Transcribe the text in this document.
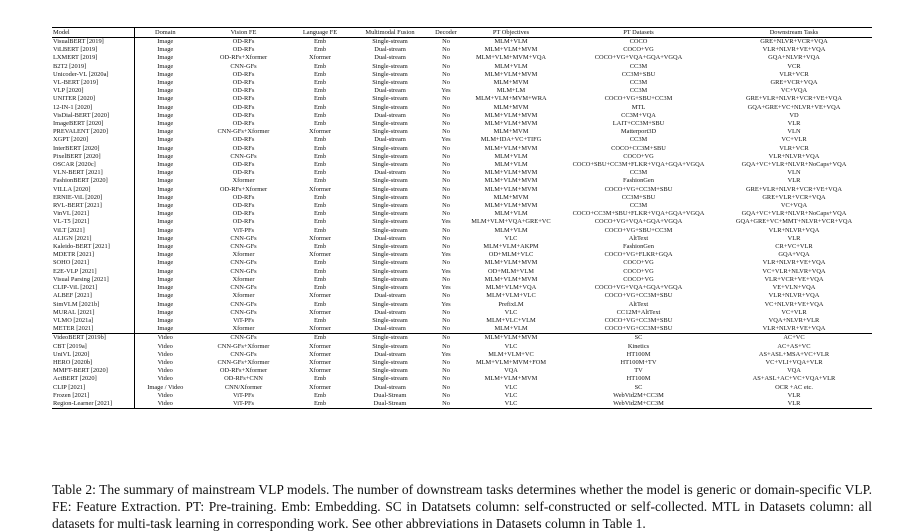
Model	Domain	Vision FE	Language FE	Multimodal Fusion	Decoder	PT Objectives	PT Datasets	Downstream Tasks
VisualBERT [2019]	Image	OD-RFs	Emb	Single-stream	No	MLM+VLM	COCO	GRE+NLVR+VCR+VQA
ViLBERT [2019]	Image	OD-RFs	Emb	Dual-stream	No	MLM+VLM+MVM	COCO+VG	VLR+NLVR+VE+VQA
LXMERT [2019]	Image	OD-RFs+Xformer	Xformer	Dual-stream	No	MLM+VLM+MVM+VQA	COCO+VG+VQA+GQA+VGQA	GQA+NLVR+VQA
B2T2 [2019]	Image	CNN-GFs	Emb	Single-stream	No	MLM+VLM	CC3M	VCR
Unicoder-VL [2020a]	Image	OD-RFs	Emb	Single-stream	No	MLM+VLM+MVM	CC3M+SBU	VLR+VCR
VL-BERT [2019]	Image	OD-RFs	Emb	Single-stream	No	MLM+MVM	CC3M	GRE+VCR+VQA
VLP [2020]	Image	OD-RFs	Emb	Dual-stream	Yes	MLM+LM	CC3M	VC+VQA
UNITER [2020]	Image	OD-RFs	Emb	Single-stream	No	MLM+VLM+MVM+WRA	COCO+VG+SBU+CC3M	GRE+VLR+NLVR+VCR+VE+VQA
12-IN-1 [2020]	Image	OD-RFs	Emb	Single-stream	No	MLM+MVM	MTL	GQA+GRE+VC+NLVR+VE+VQA
VisDial-BERT [2020]	Image	OD-RFs	Emb	Dual-stream	No	MLM+VLM+MVM	CC3M+VQA	VD
ImageBERT [2020]	Image	OD-RFs	Emb	Single-stream	No	MLM+VLM+MVM	LAIT+CC3M+SBU	VLR
PREVALENT [2020]	Image	CNN-GFs+Xformer	Xformer	Single-stream	No	MLM+MVM	Matterport3D	VLN
XGPT [2020]	Image	OD-RFs	Emb	Dual-stream	Yes	MLM+IDA+VC+TIFG	CC3M	VC+VLR
InterBERT [2020]	Image	OD-RFs	Emb	Single-stream	No	MLM+VLM+MVM	COCO+CC3M+SBU	VLR+VCR
PixelBERT [2020]	Image	CNN-GFs	Emb	Single-stream	No	MLM+VLM	COCO+VG	VLR+NLVR+VQA
OSCAR [2020c]	Image	OD-RFs	Emb	Single-stream	No	MLM+VLM	COCO+SBU+CC3M+FLKR+VQA+GQA+VGQA	GQA+VC+VLR+NLVR+NoCaps+VQA
VLN-BERT [2021]	Image	OD-RFs	Emb	Dual-stream	No	MLM+VLM+MVM	CC3M	VLN
FashionBERT [2020]	Image	Xformer	Emb	Single-stream	No	MLM+VLM+MVM	FashionGen	VLR
VILLA [2020]	Image	OD-RFs+Xformer	Xformer	Single-stream	No	MLM+VLM+MVM	COCO+VG+CC3M+SBU	GRE+VLR+NLVR+VCR+VE+VQA
ERNIE-ViL [2020]	Image	OD-RFs	Emb	Single-stream	No	MLM+MVM	CC3M+SBU	GRE+VLR+VCR+VQA
RVL-BERT [2021]	Image	OD-RFs	Emb	Single-stream	No	MLM+VLM+MVM	CC3M	VC+VQA
VinVL [2021]	Image	OD-RFs	Emb	Single-stream	No	MLM+VLM	COCO+CC3M+SBU+FLKR+VQA+GQA+VGQA	GQA+VC+VLR+NLVR+NoCaps+VQA
VL-T5 [2021]	Image	OD-RFs	Emb	Single-stream	Yes	MLM+VLM+VQA+GRE+VC	COCO+VG+VQA+GQA+VGQA	GQA+GRE+VC+MMT+NLVR+VCR+VQA
ViLT [2021]	Image	ViT-PFs	Emb	Single-stream	No	MLM+VLM	COCO+VG+SBU+CC3M	VLR+NLVR+VQA
ALIGN [2021]	Image	CNN-GFs	Xformer	Dual-stream	No	VLC	AltText	VLR
Kaleido-BERT [2021]	Image	CNN-GFs	Emb	Single-stream	No	MLM+VLM+AKPM	FashionGen	CR+VC+VLR
MDETR [2021]	Image	Xformer	Xformer	Single-stream	Yes	OD+MLM+VLC	COCO+VG+FLKR+GQA	GQA+VQA
SOHO [2021]	Image	CNN-GFs	Emb	Single-stream	No	MLM+VLM+MVM	COCO+VG	VLR+NLVR+VE+VQA
E2E-VLP [2021]	Image	CNN-GFs	Emb	Single-stream	Yes	OD+MLM+VLM	COCO+VG	VC+VLR+NLVR+VQA
Visual Parsing [2021]	Image	Xformer	Emb	Single-stream	No	MLM+VLM+MVM	COCO+VG	VLR+VCR+VE+VQA
CLIP-ViL [2021]	Image	CNN-GFs	Emb	Single-stream	Yes	MLM+VLM+VQA	COCO+VG+VQA+GQA+VGQA	VE+VLN+VQA
ALBEF [2021]	Image	Xformer	Xformer	Dual-stream	No	MLM+VLM+VLC	COCO+VG+CC3M+SBU	VLR+NLVR+VQA
SimVLM [2021b]	Image	CNN-GFs	Emb	Single-stream	Yes	PrefixLM	AltText	VC+NLVR+VE+VQA
MURAL [2021]	Image	CNN-GFs	Xformer	Dual-stream	No	VLC	CC12M+AltText	VC+VLR
VLMO [2021a]	Image	ViT-PFs	Emb	Single-stream	No	MLM+VLC+VLM	COCO+VG+CC3M+SBU	VQA+NLVR+VLR
METER [2021]	Image	Xformer	Xformer	Dual-stream	No	MLM+VLM	COCO+VG+CC3M+SBU	VLR+NLVR+VE+VQA
VideoBERT [2019b]	Video	CNN-GFs	Emb	Single-stream	No	MLM+VLM+MVM	SC	AC+VC
CBT [2019a]	Video	CNN-GFs+Xformer	Xformer	Single-stream	No	VLC	Kinetics	AC+AS+VC
UniVL [2020]	Video	CNN-GFs	Xformer	Dual-stream	Yes	MLM+VLM+VC	HT100M	AS+ASL+MSA+VC+VLR
HERO [2020b]	Video	CNN-GFs+Xformer	Xformer	Single-stream	No	MLM+VLM+MVM+FOM	HT100M+TV	VC+VLI+VQA+VLR
MMFT-BERT [2020]	Video	OD-RFs+Xformer	Xformer	Single-stream	No	VQA	TV	VQA
ActBERT [2020]	Video	OD-RFs+CNN	Emb	Single-stream	No	MLM+VLM+MVM	HT100M	AS+ASL+AC+VC+VQA+VLR
CLIP [2021]	Image / Video	CNN/Xformer	Xformer	Dual-stream	No	VLC	SC	OCR +AC etc.
Frozen [2021]	Video	ViT-PFs	Emb	Dual-Stream	No	VLC	WebVid2M+CC3M	VLR
Region-Learner [2021]	Video	ViT-PFs	Emb	Dual-Stream	No	VLC	WebVid2M+CC3M	VLR

Table 2: The summary of mainstream VLP models. The number of downstream tasks determines whether the model is generic or domain-specific VLP. FE: Feature Extraction. PT: Pre-training. Emb: Embedding. SC in Datatsets column: self-constructed or self-collected. MTL in Datasets column: all datasets for multi-task learning in corresponding work. See other abbreviations in Datasets column in Table 1.
